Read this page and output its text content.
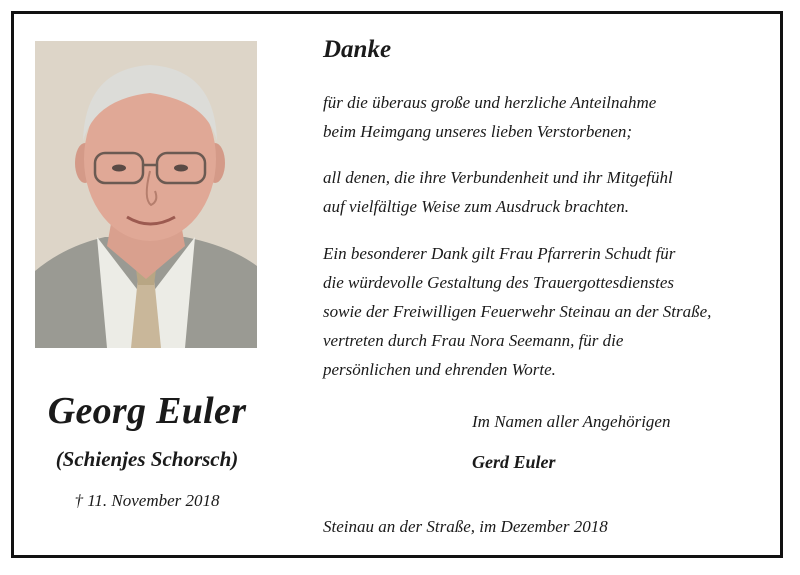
Georg Euler
(Schienjes Schorsch)
† 11. November 2018
Danke

für die überaus große und herzliche Anteilnahme
beim Heimgang unseres lieben Verstorbenen;

all denen, die ihre Verbundenheit und ihr Mitgefühl
auf vielfältige Weise zum Ausdruck brachten.

Ein besonderer Dank gilt Frau Pfarrerin Schudt für
die würdevolle Gestaltung des Trauergottesdienstes
sowie der Freiwilligen Feuerwehr Steinau an der Straße,
vertreten durch Frau Nora Seemann, für die
persönlichen und ehrenden Worte.

Im Namen aller Angehörigen
Gerd Euler
Steinau an der Straße, im Dezember 2018
